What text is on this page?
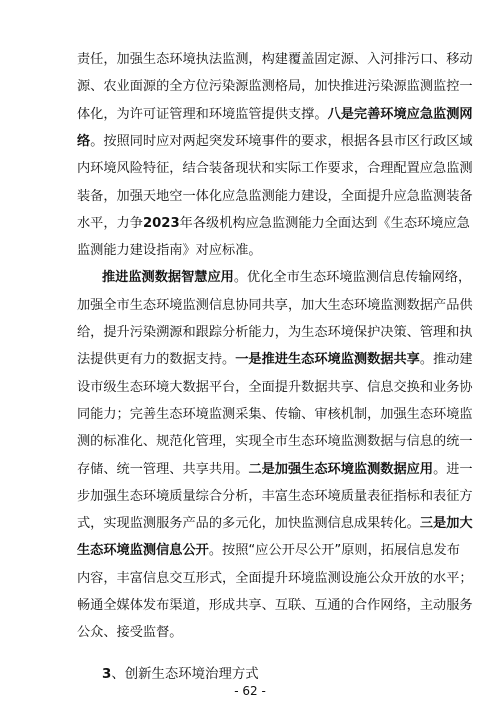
责任，加强生态环境执法监测，构建覆盖固定源、入河排污口、移动
源、农业面源的全方位污染源监测格局，加快推进污染源监测监控一
体化，为许可证管理和环境监管提供支撑。八是完善环境应急监测网
络。按照同时应对两起突发环境事件的要求，根据各县市区行政区域
内环境风险特征，结合装备现状和实际工作要求，合理配置应急监测
装备，加强天地空一体化应急监测能力建设，全面提升应急监测装备
水平，力争2023年各级机构应急监测能力全面达到《生态环境应急
监测能力建设指南》对应标准。
推进监测数据智慧应用。优化全市生态环境监测信息传输网络，
加强全市生态环境监测信息协同共享，加大生态环境监测数据产品供
给，提升污染溯源和跟踪分析能力，为生态环境保护决策、管理和执
法提供更有力的数据支持。一是推进生态环境监测数据共享。推动建
设市级生态环境大数据平台，全面提升数据共享、信息交换和业务协
同能力；完善生态环境监测采集、传输、审核机制，加强生态环境监
测的标准化、规范化管理，实现全市生态环境监测数据与信息的统一
存储、统一管理、共享共用。二是加强生态环境监测数据应用。进一
步加强生态环境质量综合分析，丰富生态环境质量表征指标和表征方
式，实现监测服务产品的多元化，加快监测信息成果转化。三是加大
生态环境监测信息公开。按照“应公开尽公开”原则，拓展信息发布
内容，丰富信息交互形式，全面提升环境监测设施公众开放的水平；
畅通全媒体发布渠道，形成共享、互联、互通的合作网络，主动服务
公众、接受监督。
- 62 -
3、创新生态环境治理方式
